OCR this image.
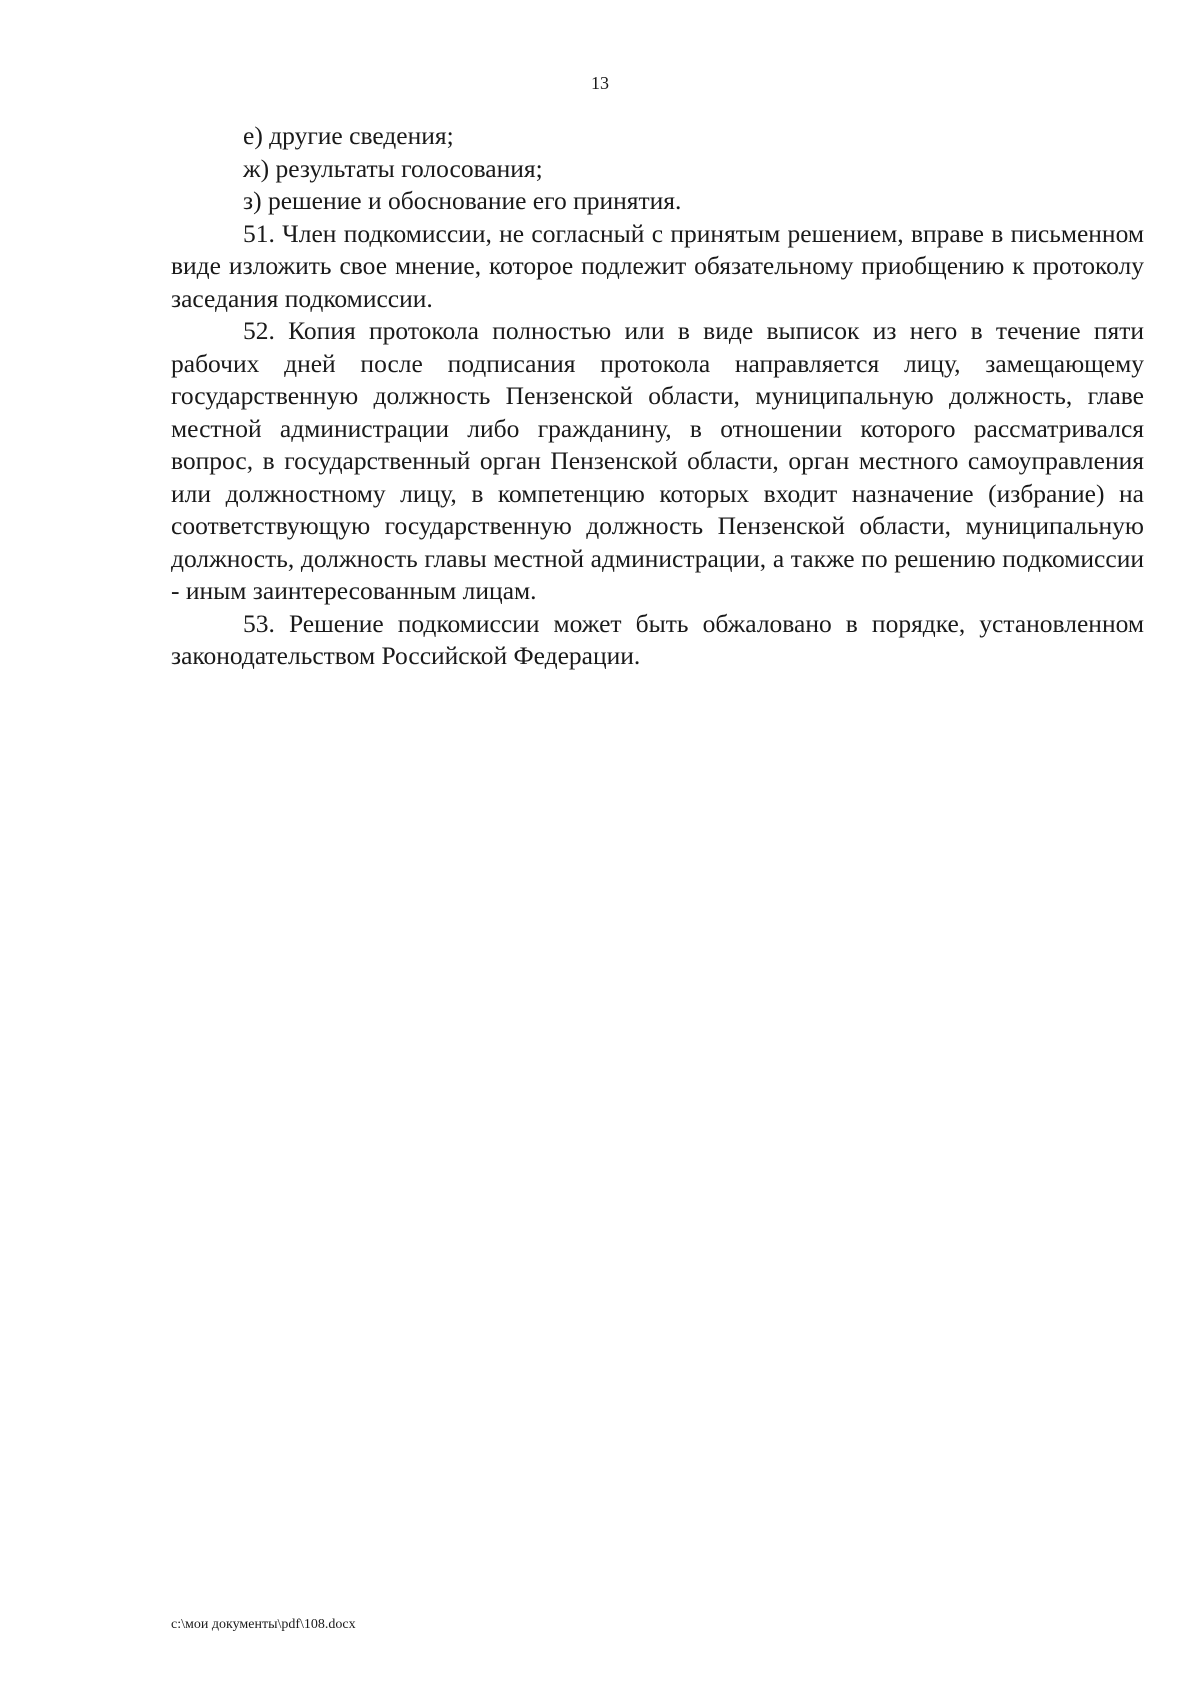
13

е) другие сведения;

ж) результаты голосования;

з) решение и обоснование его принятия.

51. Член подкомиссии, не согласный с принятым решением, вправе в письменном виде изложить свое мнение, которое подлежит обязательному приобщению к протоколу заседания подкомиссии.

52. Копия протокола полностью или в виде выписок из него в течение пяти рабочих дней после подписания протокола направляется лицу, замещающему государственную должность Пензенской области, муниципальную должность, главе местной администрации либо гражданину, в отношении которого рассматривался вопрос, в государственный орган Пензенской области, орган местного самоуправления или должностному лицу, в компетенцию которых входит назначение (избрание) на соответствующую государственную должность Пензенской области, муниципальную должность, должность главы местной администрации, а также по решению подкомиссии - иным заинтересованным лицам.

53. Решение подкомиссии может быть обжаловано в порядке, установленном законодательством Российской Федерации.

c:\мои документы\pdf\108.docx
